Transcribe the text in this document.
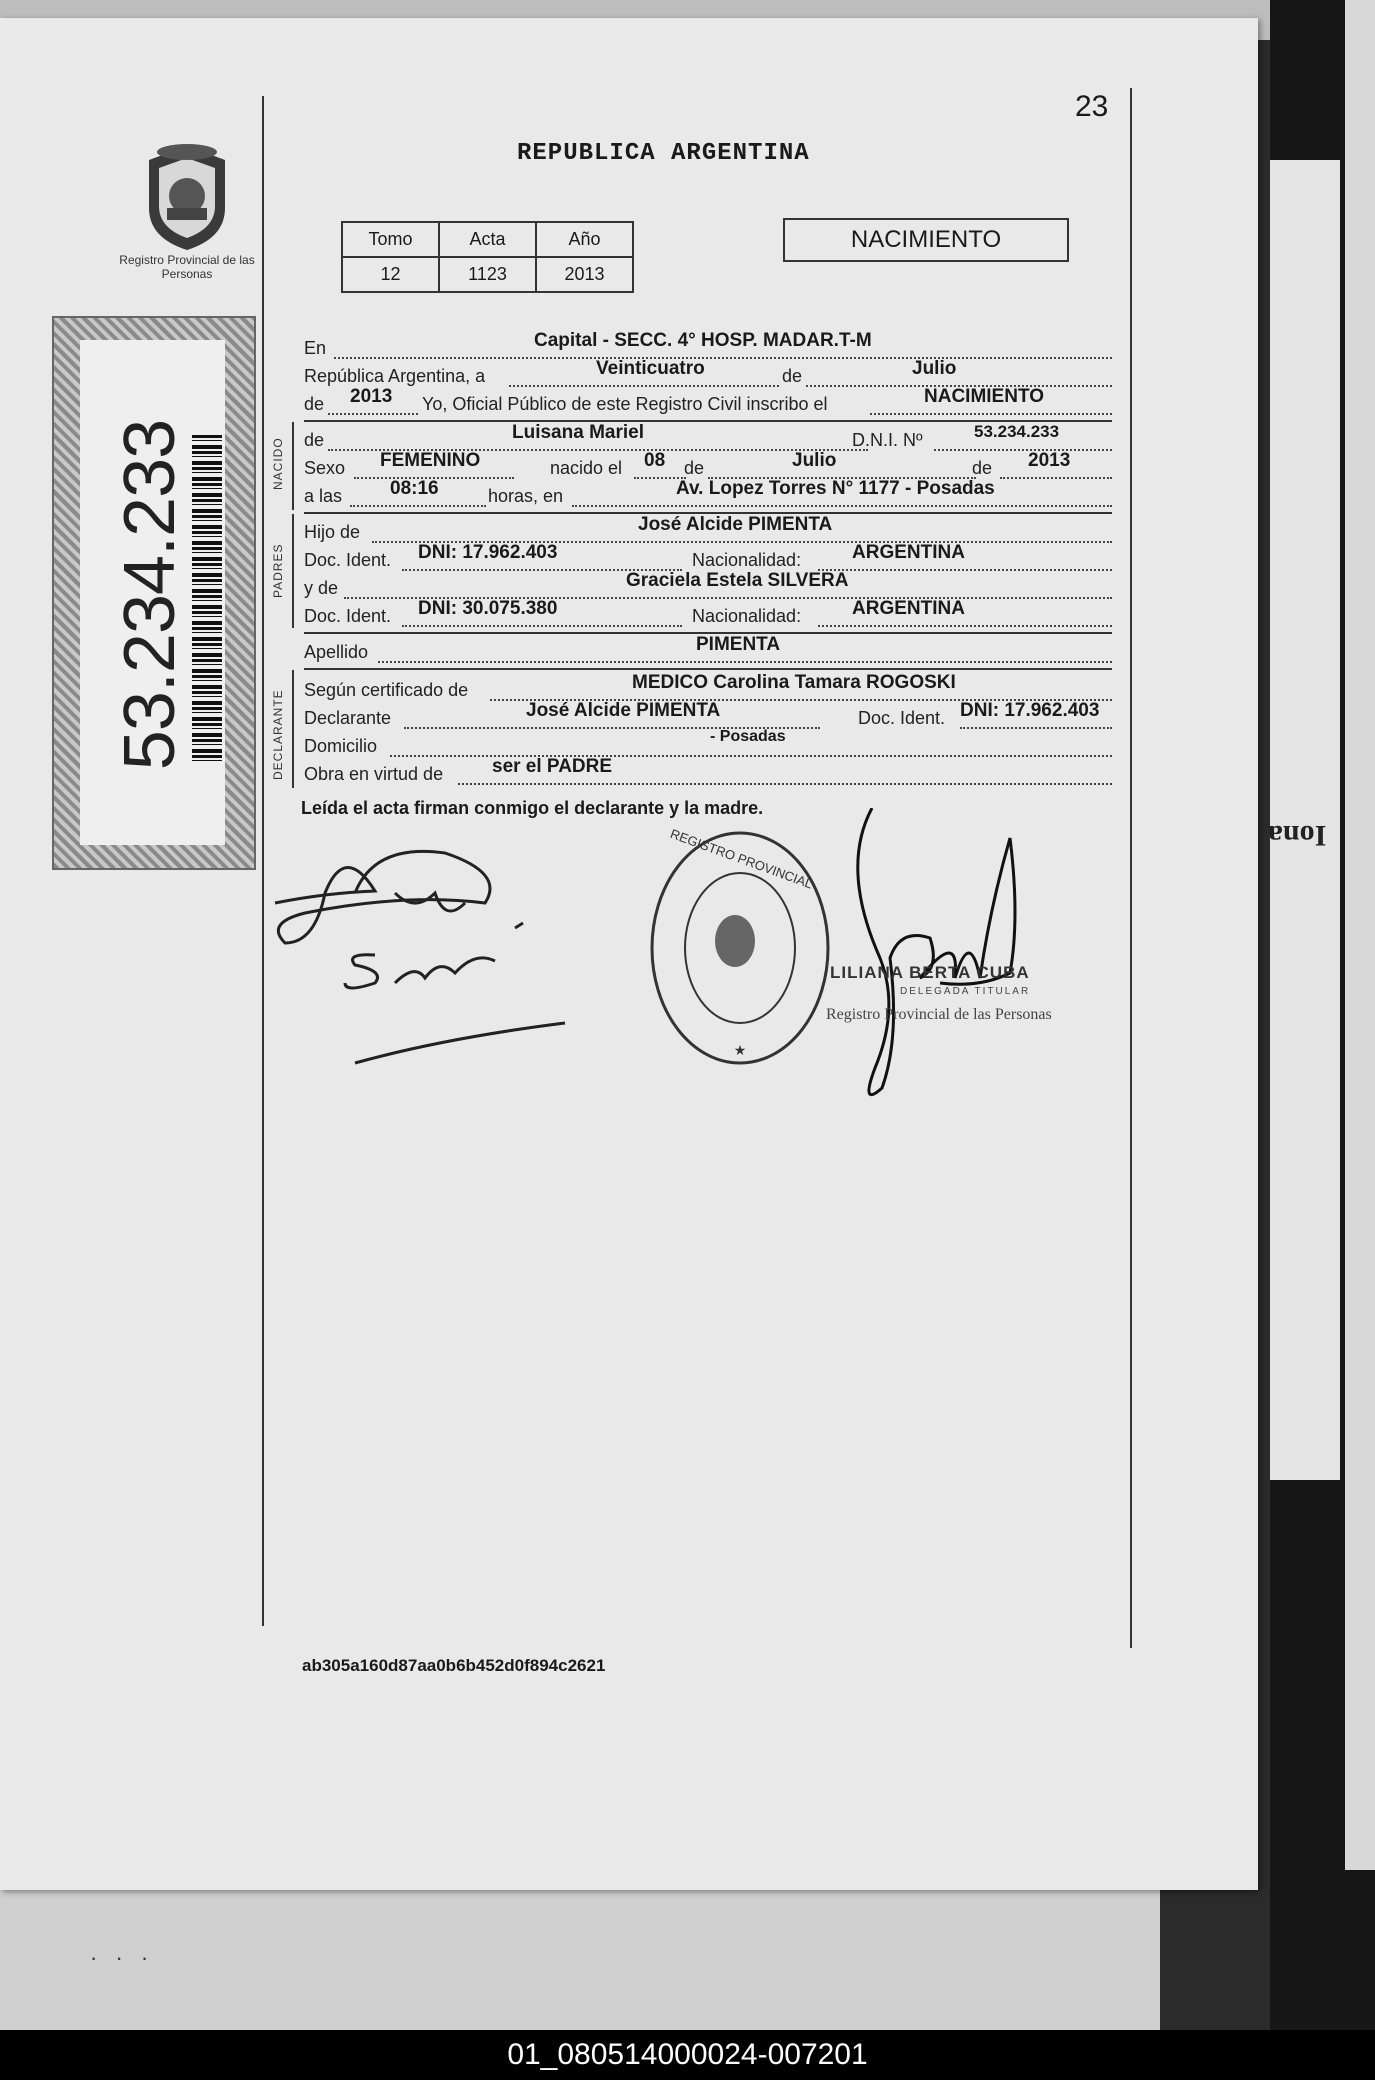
Iona
· · ·
23
REPUBLICA ARGENTINA
Registro Provincial de las Personas
53.234.233
Tomo	Acta	Año
12	1123	2013
NACIMIENTO
En	Capital - SECC. 4° HOSP. MADAR.T-M
República Argentina, a	Veinticuatro	de	Julio
de 2013 Yo, Oficial Público de este Registro Civil inscribo el	NACIMIENTO
NACIDO de	Luisana Mariel	D.N.I. Nº	53.234.233
Sexo FEMENINO	nacido el 08 de	Julio	de 2013
a las	08:16	horas, en	Av. Lopez Torres N° 1177 - Posadas
PADRES
Hijo de	José Alcide PIMENTA
Doc. Ident. DNI: 17.962.403	Nacionalidad:	ARGENTINA
y de	Graciela Estela SILVERA
Doc. Ident. DNI: 30.075.380	Nacionalidad:	ARGENTINA
Apellido	PIMENTA
DECLARANTE Según certificado de	MEDICO Carolina Tamara ROGOSKI
Declarante	José Alcide PIMENTA	Doc. Ident. DNI: 17.962.403
Domicilio	- Posadas
Obra en virtud de	ser el PADRE
Leída el acta firman conmigo el declarante y la madre.
REGISTRO PROVINCIAL
★
LILIANA BERTA CUBA
DELEGADA TITULAR
Registro Provincial de las Personas
ab305a160d87aa0b6b452d0f894c2621
01_080514000024-007201
